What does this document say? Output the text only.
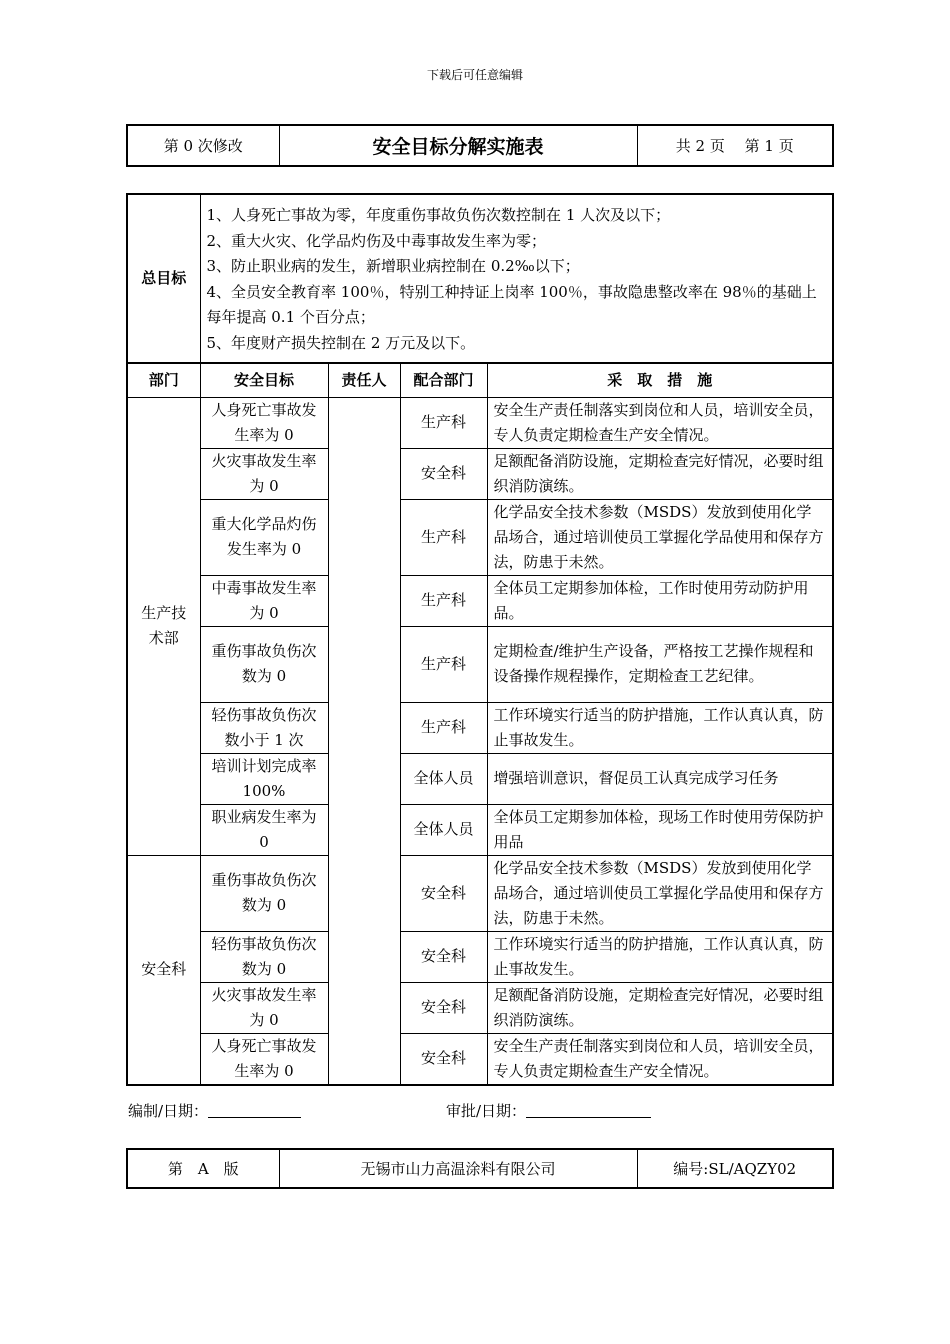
下载后可任意编辑
第 0 次修改	安全目标分解实施表	共 2 页　 第 1 页
总目标	1、人身死亡事故为零，年度重伤事故负伤次数控制在 1 人次及以下；
2、重大火灾、化学品灼伤及中毒事故发生率为零；
3、防止职业病的发生，新增职业病控制在 0.2‰以下；
4、全员安全教育率 100％，特别工种持证上岗率 100％，事故隐患整改率在 98％的基础上每年提高 0.1 个百分点；
5、年度财产损失控制在 2 万元及以下。			

部门	安全目标	责任人	配合部门	采　取　措　施
生产技术部	人身死亡事故发生率为 0		生产科	安全生产责任制落实到岗位和人员，培训安全员，专人负责定期检查生产安全情况。
	火灾事故发生率为 0		安全科	足额配备消防设施，定期检查完好情况，必要时组织消防演练。
	重大化学品灼伤发生率为 0		生产科	化学品安全技术参数（MSDS）发放到使用化学品场合，通过培训使员工掌握化学品使用和保存方法，防患于未然。
	中毒事故发生率为 0		生产科	全体员工定期参加体检，工作时使用劳动防护用品。
	重伤事故负伤次数为 0		生产科	定期检查/维护生产设备，严格按工艺操作规程和设备操作规程操作，定期检查工艺纪律。
	轻伤事故负伤次数小于 1 次		生产科	工作环境实行适当的防护措施，工作认真认真，防止事故发生。
	培训计划完成率 100%		全体人员	增强培训意识，督促员工认真完成学习任务
	职业病发生率为 0		全体人员	全体员工定期参加体检，现场工作时使用劳保防护用品
安全科	重伤事故负伤次数为 0		安全科	化学品安全技术参数（MSDS）发放到使用化学品场合，通过培训使员工掌握化学品使用和保存方法，防患于未然。
	轻伤事故负伤次数为 0		安全科	工作环境实行适当的防护措施，工作认真认真，防止事故发生。
	火灾事故发生率为 0		安全科	足额配备消防设施，定期检查完好情况，必要时组织消防演练。
	人身死亡事故发生率为 0		安全科	安全生产责任制落实到岗位和人员，培训安全员，专人负责定期检查生产安全情况。
编制/日期：	审批/日期：
第　A　版	无锡市山力高温涂料有限公司	编号:SL/AQZY02
